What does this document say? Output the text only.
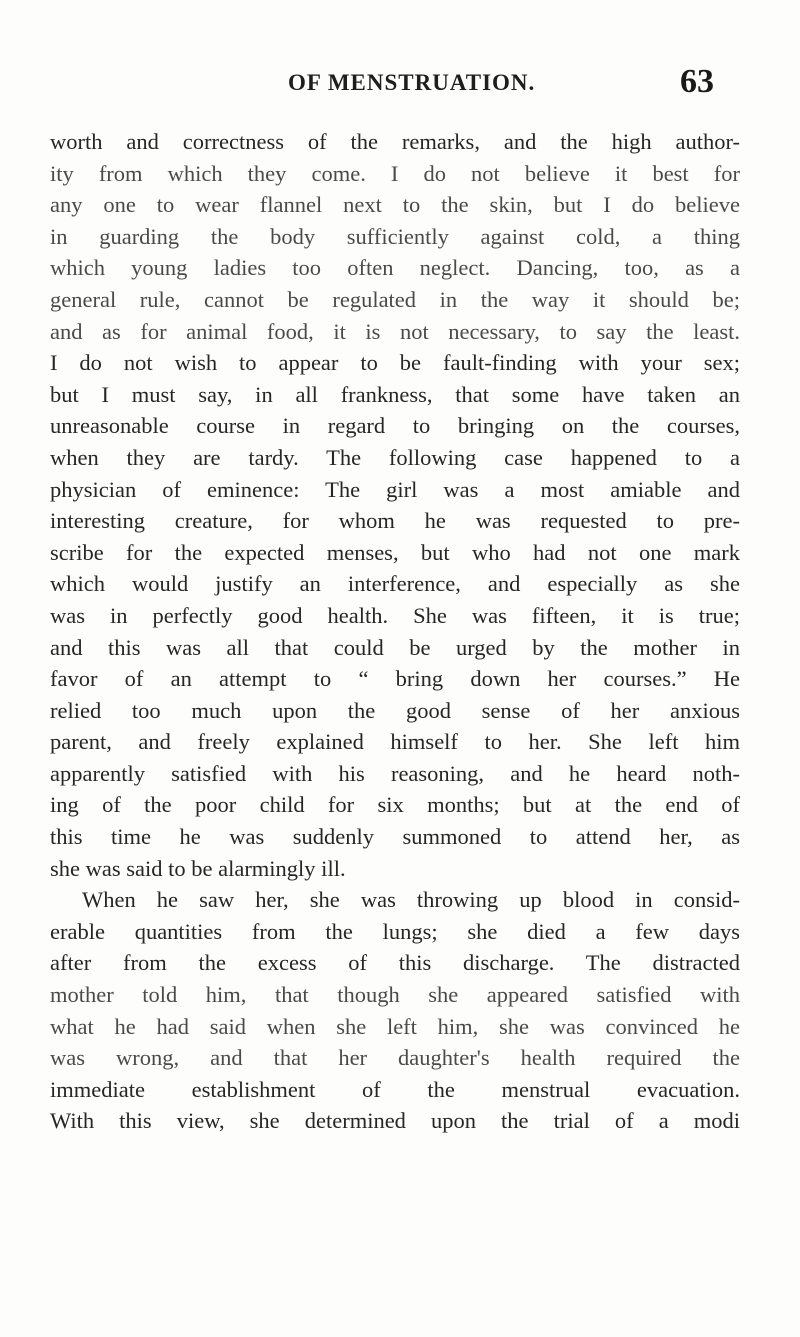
OF MENSTRUATION.	63
worth and correctness of the remarks, and the high author-
ity from which they come. I do not believe it best for
any one to wear flannel next to the skin, but I do believe
in guarding the body sufficiently against cold, a thing
which young ladies too often neglect. Dancing, too, as a
general rule, cannot be regulated in the way it should be;
and as for animal food, it is not necessary, to say the least.
I do not wish to appear to be fault-finding with your sex;
but I must say, in all frankness, that some have taken an
unreasonable course in regard to bringing on the courses,
when they are tardy. The following case happened to a
physician of eminence: The girl was a most amiable and
interesting creature, for whom he was requested to pre-
scribe for the expected menses, but who had not one mark
which would justify an interference, and especially as she
was in perfectly good health. She was fifteen, it is true;
and this was all that could be urged by the mother in
favor of an attempt to “ bring down her courses.” He
relied too much upon the good sense of her anxious
parent, and freely explained himself to her. She left him
apparently satisfied with his reasoning, and he heard noth-
ing of the poor child for six months; but at the end of
this time he was suddenly summoned to attend her, as
she was said to be alarmingly ill.
When he saw her, she was throwing up blood in consid-
erable quantities from the lungs; she died a few days
after from the excess of this discharge. The distracted
mother told him, that though she appeared satisfied with
what he had said when she left him, she was convinced he
was wrong, and that her daughter's health required the
immediate establishment of the menstrual evacuation.
With this view, she determined upon the trial of a modi
